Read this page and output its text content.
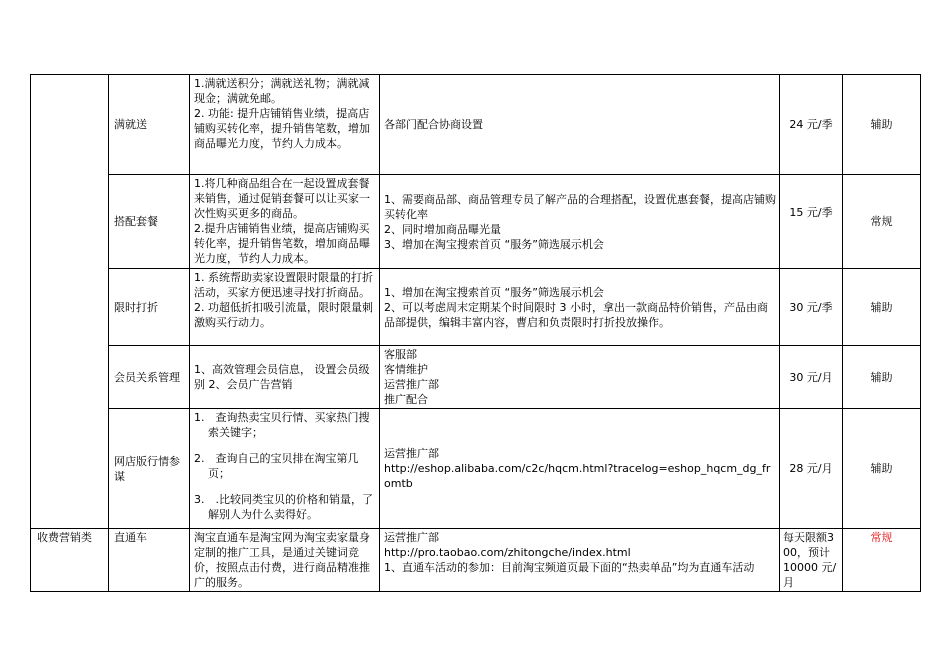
	满就送	1.满就送积分；满就送礼物；满就减现金；满就免邮。
2. 功能: 提升店铺销售业绩，提高店铺购买转化率，提升销售笔数，增加商品曝光力度，节约人力成本。	各部门配合协商设置	24 元/季	辅助
	搭配套餐	1.将几种商品组合在一起设置成套餐来销售，通过促销套餐可以让买家一次性购买更多的商品。
2.提升店铺销售业绩，提高店铺购买转化率，提升销售笔数，增加商品曝光力度，节约人力成本。	1、需要商品部、商品管理专员了解产品的合理搭配，设置优惠套餐，提高店铺购买转化率
2、同时增加商品曝光量
3、增加在淘宝搜索首页 “服务”筛选展示机会	15 元/季	常规
	限时打折	1. 系统帮助卖家设置限时限量的打折活动，买家方便迅速寻找打折商品。
2. 功超低折扣吸引流量，限时限量刺激购买行动力。	1、增加在淘宝搜索首页 “服务”筛选展示机会
2、可以考虑周末定期某个时间限时 3 小时，拿出一款商品特价销售，产品由商品部提供，编辑丰富内容，曹启和负责限时打折投放操作。	30 元/季	辅助
	会员关系管理	1、高效管理会员信息， 设置会员级别 2、会员广告营销	客服部
客情维护
运营推广部
推广配合	30 元/月	辅助
	网店版行情参谋	1.　查询热卖宝贝行情、买家热门搜索关键字；
2.　查询自己的宝贝排在淘宝第几页；
3.　.比较同类宝贝的价格和销量，了解别人为什么卖得好。	运营推广部
http://eshop.alibaba.com/c2c/hqcm.html?tracelog=eshop_hqcm_dg_fromtb	28 元/月	辅助
收费营销类	直通车	淘宝直通车是淘宝网为淘宝卖家量身定制的推广工具，是通过关键词竞价，按照点击付费，进行商品精准推广的服务。	运营推广部
http://pro.taobao.com/zhitongche/index.html
1、直通车活动的参加：目前淘宝频道页最下面的“热卖单品”均为直通车活动	每天限额300，预计 10000 元/月	常规
